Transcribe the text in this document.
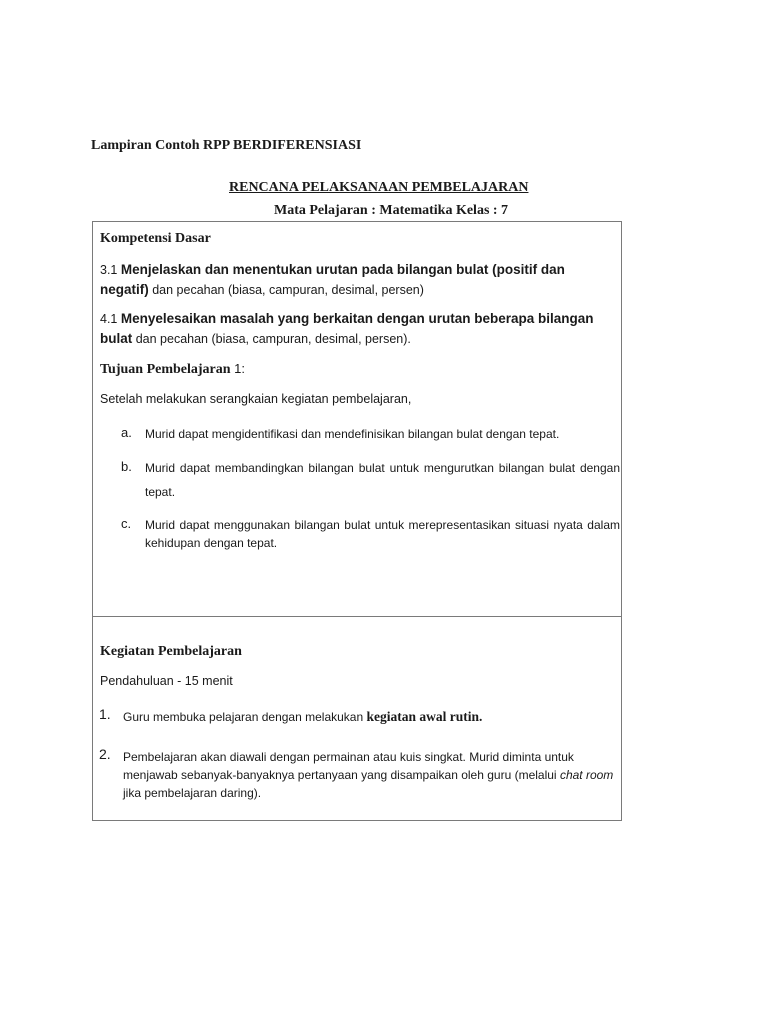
Lampiran Contoh RPP BERDIFERENSIASI
RENCANA PELAKSANAAN PEMBELAJARAN
Mata Pelajaran : Matematika Kelas : 7
Kompetensi Dasar
3.1 Menjelaskan dan menentukan urutan pada bilangan bulat (positif dan negatif) dan pecahan (biasa, campuran, desimal, persen)
4.1 Menyelesaikan masalah yang berkaitan dengan urutan beberapa bilangan bulat dan pecahan (biasa, campuran, desimal, persen).
Tujuan Pembelajaran 1:
Setelah melakukan serangkaian kegiatan pembelajaran,
a. Murid dapat mengidentifikasi dan mendefinisikan bilangan bulat dengan tepat.
b. Murid dapat membandingkan bilangan bulat untuk mengurutkan bilangan bulat dengan tepat.
c. Murid dapat menggunakan bilangan bulat untuk merepresentasikan situasi nyata dalam kehidupan dengan tepat.
Kegiatan Pembelajaran
Pendahuluan - 15 menit
1. Guru membuka pelajaran dengan melakukan kegiatan awal rutin.
2. Pembelajaran akan diawali dengan permainan atau kuis singkat. Murid diminta untuk menjawab sebanyak-banyaknya pertanyaan yang disampaikan oleh guru (melalui chat room jika pembelajaran daring).
